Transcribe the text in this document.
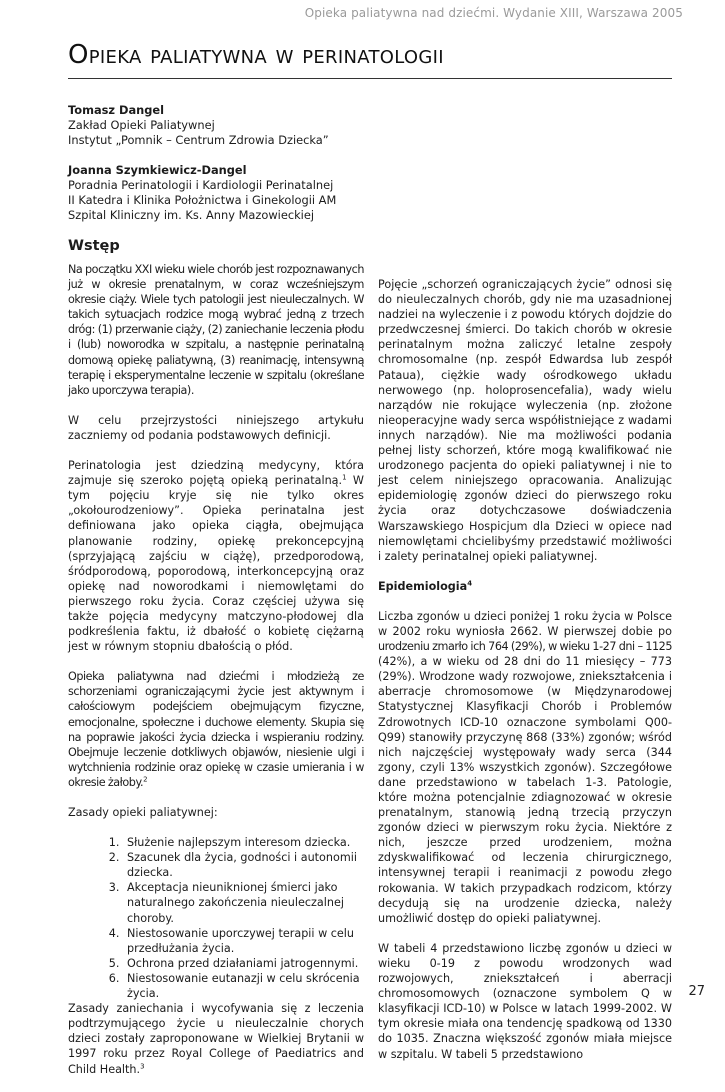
Opieka paliatywna nad dziećmi. Wydanie XIII, Warszawa 2005
Opieka paliatywna w perinatologii
Tomasz Dangel
Zakład Opieki Paliatywnej
Instytut „Pomnik – Centrum Zdrowia Dziecka”
Joanna Szymkiewicz-Dangel
Poradnia Perinatologii i Kardiologii Perinatalnej
II Katedra i Klinika Położnictwa i Ginekologii AM
Szpital Kliniczny im. Ks. Anny Mazowieckiej
Wstęp

Na początku XXI wieku wiele chorób jest rozpoznawanych już w okresie prenatalnym, w coraz wcześniejszym okresie ciąży. Wiele tych patologii jest nieuleczalnych. W takich sytuacjach rodzice mogą wybrać jedną z trzech dróg: (1) przerwanie ciąży, (2) zaniechanie leczenia płodu i (lub) noworodka w szpitalu, a następnie perinatalną domową opiekę paliatywną, (3) reanimację, intensywną terapię i eksperymentalne leczenie w szpitalu (określane jako uporczywa terapia).

W celu przejrzystości niniejszego artykułu zaczniemy od podania podstawowych definicji.

Perinatologia jest dziedziną medycyny, która zajmuje się szeroko pojętą opieką perinatalną.$^1$ W tym pojęciu kryje się nie tylko okres „okołourodzeniowy”. Opieka perinatalna jest definiowana jako opieka ciągła, obejmująca planowanie rodziny, opiekę prekoncepcyjną (sprzyjającą zajściu w ciążę), przedporodową, śródporodową, poporodową, interkoncepcyjną oraz opiekę nad noworodkami i niemowlętami do pierwszego roku życia. Coraz częściej używa się także pojęcia medycyny matczyno-płodowej dla podkreślenia faktu, iż dbałość o kobietę ciężarną jest w równym stopniu dbałością o płód.

Opieka paliatywna nad dziećmi i młodzieżą ze schorzeniami ograniczającymi życie jest aktywnym i całościowym podejściem obejmującym fizyczne, emocjonalne, społeczne i duchowe elementy. Skupia się na poprawie jakości życia dziecka i wspieraniu rodziny. Obejmuje leczenie dotkliwych objawów, niesienie ulgi i wytchnienia rodzinie oraz opiekę w czasie umierania i w okresie żałoby.$^2$

Zasady opieki paliatywnej:

1. Służenie najlepszym interesom dziecka.
2. Szacunek dla życia, godności i autonomii dziecka.
3. Akceptacja nieuniknionej śmierci jako naturalnego zakończenia nieuleczalnej choroby.
4. Niestosowanie uporczywej terapii w celu przedłużania życia.
5. Ochrona przed działaniami jatrogennymi.
6. Niestosowanie eutanazji w celu skrócenia życia.

Zasady zaniechania i wycofywania się z leczenia podtrzymującego życie u nieuleczalnie chorych dzieci zostały zaproponowane w Wielkiej Brytanii w 1997 roku przez Royal College of Paediatrics and Child Health.$^3$

Pojęcie „schorzeń ograniczających życie” odnosi się do nieuleczalnych chorób, gdy nie ma uzasadnionej nadziei na wyleczenie i z powodu których dojdzie do przedwczesnej śmierci. Do takich chorób w okresie perinatalnym można zaliczyć letalne zespoły chromosomalne (np. zespół Edwardsa lub zespół Pataua), ciężkie wady ośrodkowego układu nerwowego (np. holoprosencefalia), wady wielu narządów nie rokujące wyleczenia (np. złożone nieoperacyjne wady serca współistniejące z wadami innych narządów). Nie ma możliwości podania pełnej listy schorzeń, które mogą kwalifikować nie urodzonego pacjenta do opieki paliatywnej i nie to jest celem niniejszego opracowania. Analizując epidemiologię zgonów dzieci do pierwszego roku życia oraz dotychczasowe doświadczenia Warszawskiego Hospicjum dla Dzieci w opiece nad niemowlętami chcielibyśmy przedstawić możliwości i zalety perinatalnej opieki paliatywnej.

Epidemiologia$^4$

Liczba zgonów u dzieci poniżej 1 roku życia w Polsce w 2002 roku wyniosła 2662. W pierwszej dobie po urodzeniu zmarło ich 764 (29%), w wieku 1-27 dni – 1125 (42%), a w wieku od 28 dni do 11 miesięcy – 773 (29%). Wrodzone wady rozwojowe, zniekształcenia i aberracje chromosomowe (w Międzynarodowej Statystycznej Klasyfikacji Chorób i Problemów Zdrowotnych ICD-10 oznaczone symbolami Q00-Q99) stanowiły przyczynę 868 (33%) zgonów; wśród nich najczęściej występowały wady serca (344 zgony, czyli 13% wszystkich zgonów). Szczegółowe dane przedstawiono w tabelach 1-3. Patologie, które można potencjalnie zdiagnozować w okresie prenatalnym, stanowią jedną trzecią przyczyn zgonów dzieci w pierwszym roku życia. Niektóre z nich, jeszcze przed urodzeniem, można zdyskwalifikować od leczenia chirurgicznego, intensywnej terapii i reanimacji z powodu złego rokowania. W takich przypadkach rodzicom, którzy decydują się na urodzenie dziecka, należy umożliwić dostęp do opieki paliatywnej.

W tabeli 4 przedstawiono liczbę zgonów u dzieci w wieku 0-19 z powodu wrodzonych wad rozwojowych, zniekształceń i aberracji chromosomowych (oznaczone symbolem Q w klasyfikacji ICD-10) w Polsce w latach 1999-2002. W tym okresie miała ona tendencję spadkową od 1330 do 1035. Znaczna większość zgonów miała miejsce w szpitalu. W tabeli 5 przedstawiono

27
